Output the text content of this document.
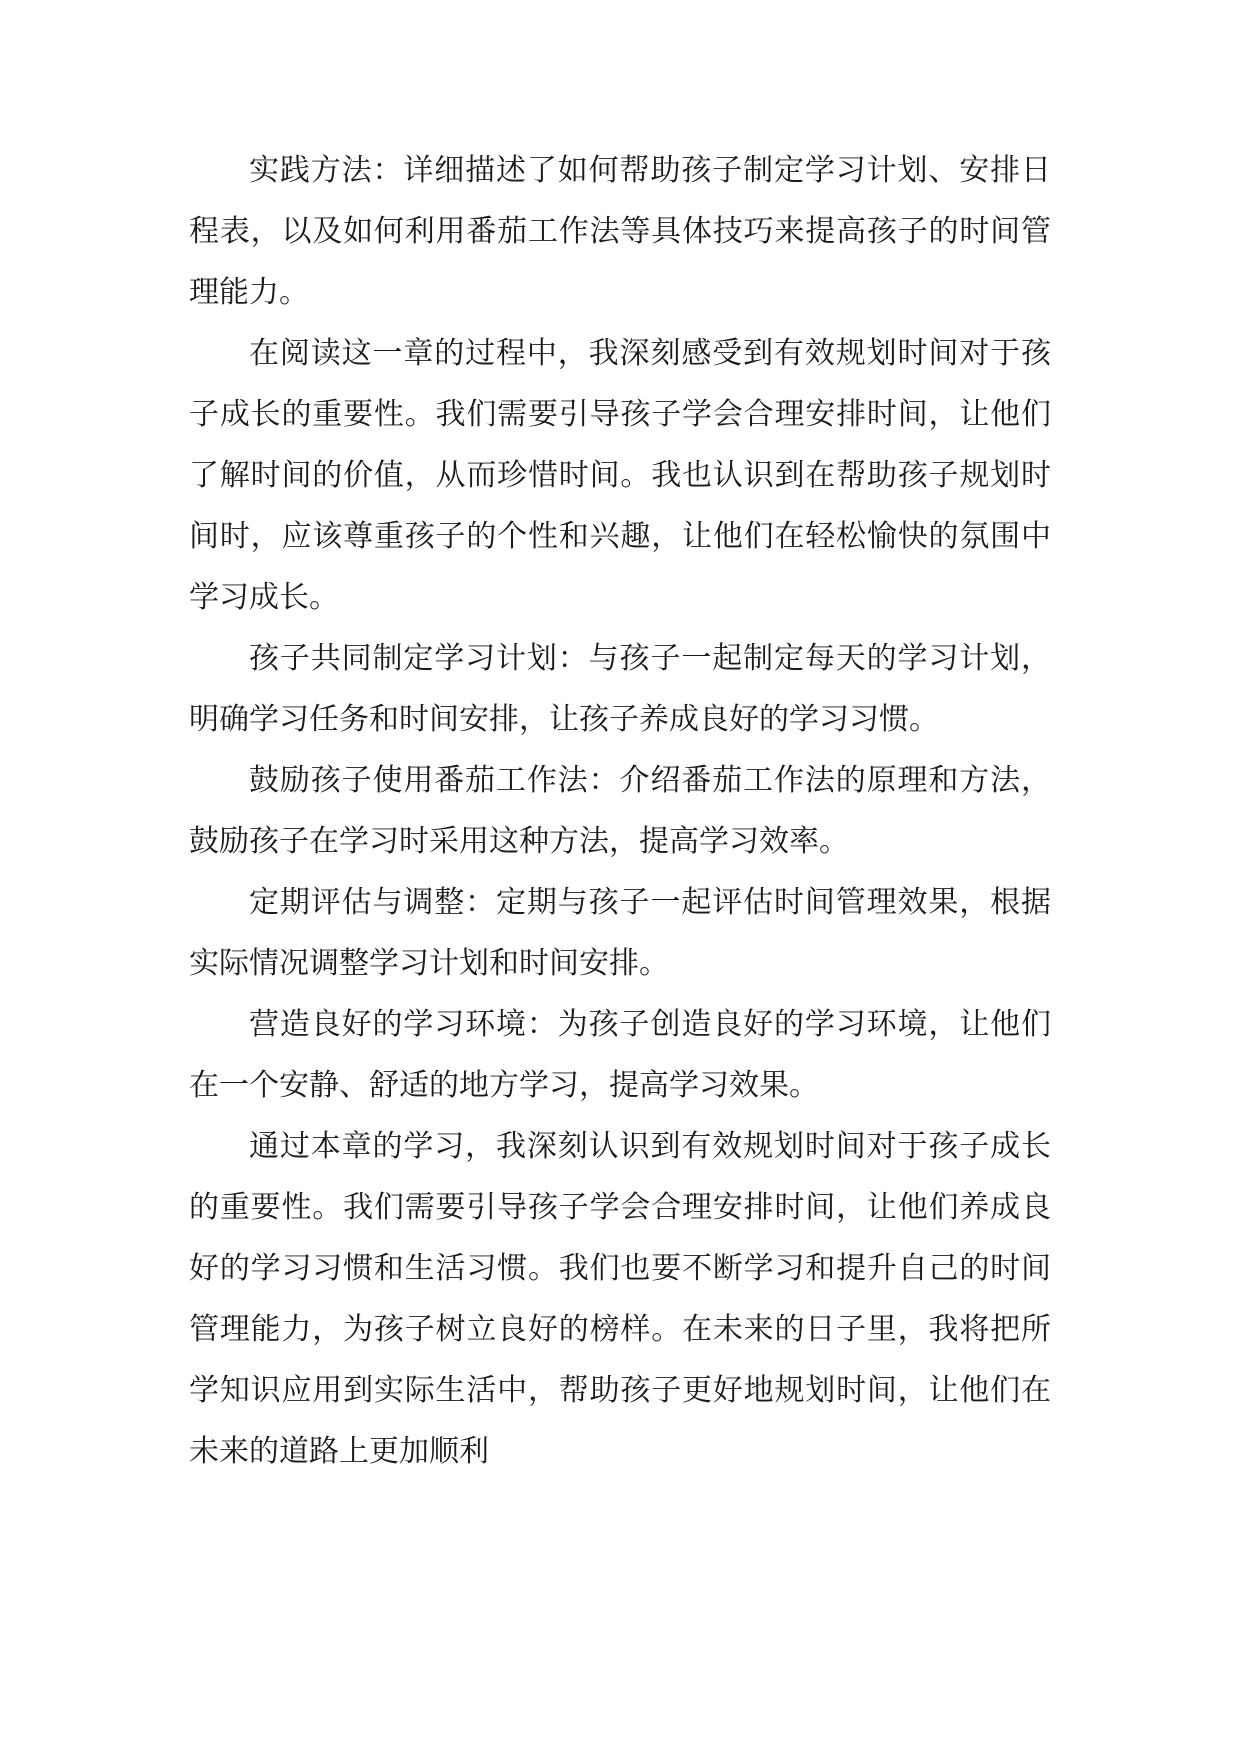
实践方法：详细描述了如何帮助孩子制定学习计划、安排日程表，以及如何利用番茄工作法等具体技巧来提高孩子的时间管理能力。

在阅读这一章的过程中，我深刻感受到有效规划时间对于孩子成长的重要性。我们需要引导孩子学会合理安排时间，让他们了解时间的价值，从而珍惜时间。我也认识到在帮助孩子规划时间时，应该尊重孩子的个性和兴趣，让他们在轻松愉快的氛围中学习成长。

孩子共同制定学习计划：与孩子一起制定每天的学习计划，明确学习任务和时间安排，让孩子养成良好的学习习惯。

鼓励孩子使用番茄工作法：介绍番茄工作法的原理和方法，鼓励孩子在学习时采用这种方法，提高学习效率。

定期评估与调整：定期与孩子一起评估时间管理效果，根据实际情况调整学习计划和时间安排。

营造良好的学习环境：为孩子创造良好的学习环境，让他们在一个安静、舒适的地方学习，提高学习效果。

通过本章的学习，我深刻认识到有效规划时间对于孩子成长的重要性。我们需要引导孩子学会合理安排时间，让他们养成良好的学习习惯和生活习惯。我们也要不断学习和提升自己的时间管理能力，为孩子树立良好的榜样。在未来的日子里，我将把所学知识应用到实际生活中，帮助孩子更好地规划时间，让他们在未来的道路上更加顺利
